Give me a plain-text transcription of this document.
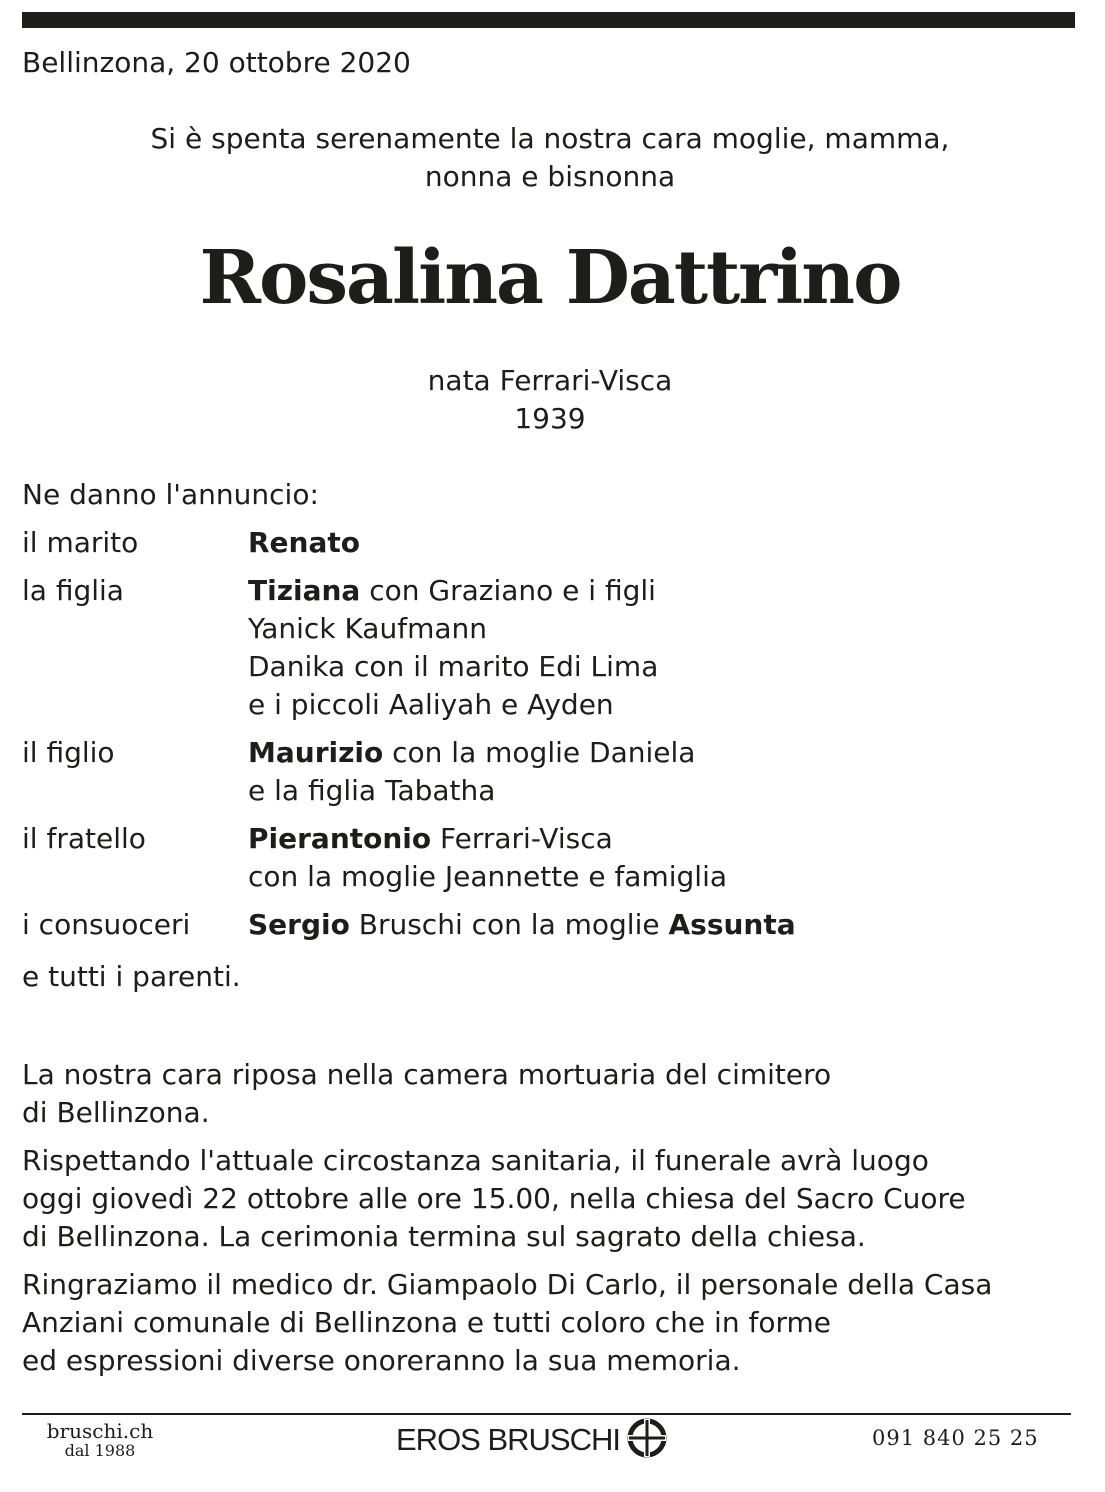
Bellinzona, 20 ottobre 2020
Si è spenta serenamente la nostra cara moglie, mamma,
nonna e bisnonna
Rosalina Dattrino
nata Ferrari-Visca
1939
Ne danno l'annuncio:
il marito	Renato
la figlia	Tiziana con Graziano e i figli
Yanick Kaufmann
Danika con il marito Edi Lima
e i piccoli Aaliyah e Ayden
il figlio	Maurizio con la moglie Daniela
e la figlia Tabatha
il fratello	Pierantonio Ferrari-Visca
con la moglie Jeannette e famiglia
i consuoceri	Sergio Bruschi con la moglie Assunta
e tutti i parenti.

La nostra cara riposa nella camera mortuaria del cimitero
di Bellinzona.

Rispettando l'attuale circostanza sanitaria, il funerale avrà luogo
oggi giovedì 22 ottobre alle ore 15.00, nella chiesa del Sacro Cuore
di Bellinzona. La cerimonia termina sul sagrato della chiesa.

Ringraziamo il medico dr. Giampaolo Di Carlo, il personale della Casa
Anziani comunale di Bellinzona e tutti coloro che in forme
ed espressioni diverse onoreranno la sua memoria.

bruschi.ch
dal 1988	EROS BRUSCHI	091 840 25 25
